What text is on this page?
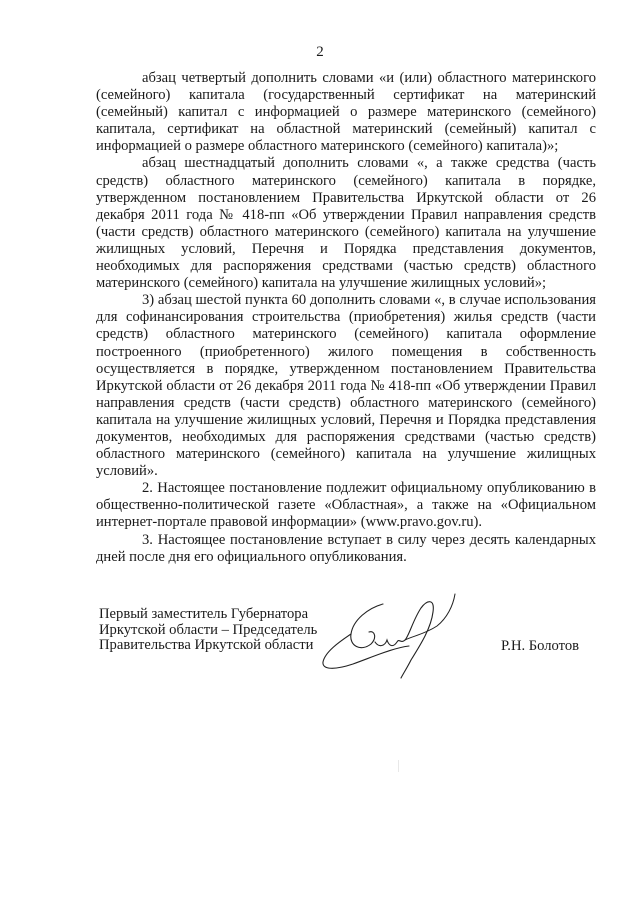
2

абзац четвертый дополнить словами «и (или) областного материнского (семейного) капитала (государственный сертификат на материнский (семейный) капитал с информацией о размере материнского (семейного) капитала, сертификат на областной материнский (семейный) капитал с информацией о размере областного материнского (семейного) капитала)»;

абзац шестнадцатый дополнить словами «, а также средства (часть средств) областного материнского (семейного) капитала в порядке, утвержденном постановлением Правительства Иркутской области от 26 декабря 2011 года № 418-пп «Об утверждении Правил направления средств (части средств) областного материнского (семейного) капитала на улучшение жилищных условий, Перечня и Порядка представления документов, необходимых для распоряжения средствами (частью средств) областного материнского (семейного) капитала на улучшение жилищных условий»;

3) абзац шестой пункта 60 дополнить словами «, в случае использования для софинансирования строительства (приобретения) жилья средств (части средств) областного материнского (семейного) капитала оформление построенного (приобретенного) жилого помещения в собственность осуществляется в порядке, утвержденном постановлением Правительства Иркутской области от 26 декабря 2011 года № 418-пп «Об утверждении Правил направления средств (части средств) областного материнского (семейного) капитала на улучшение жилищных условий, Перечня и Порядка представления документов, необходимых для распоряжения средствами (частью средств) областного материнского (семейного) капитала на улучшение жилищных условий».

2. Настоящее постановление подлежит официальному опубликованию в общественно-политической газете «Областная», а также на «Официальном интернет-портале правовой информации» (www.pravo.gov.ru).

3. Настоящее постановление вступает в силу через десять календарных дней после дня его официального опубликования.

Первый заместитель Губернатора
Иркутской области – Председатель
Правительства Иркутской области	Р.Н. Болотов
